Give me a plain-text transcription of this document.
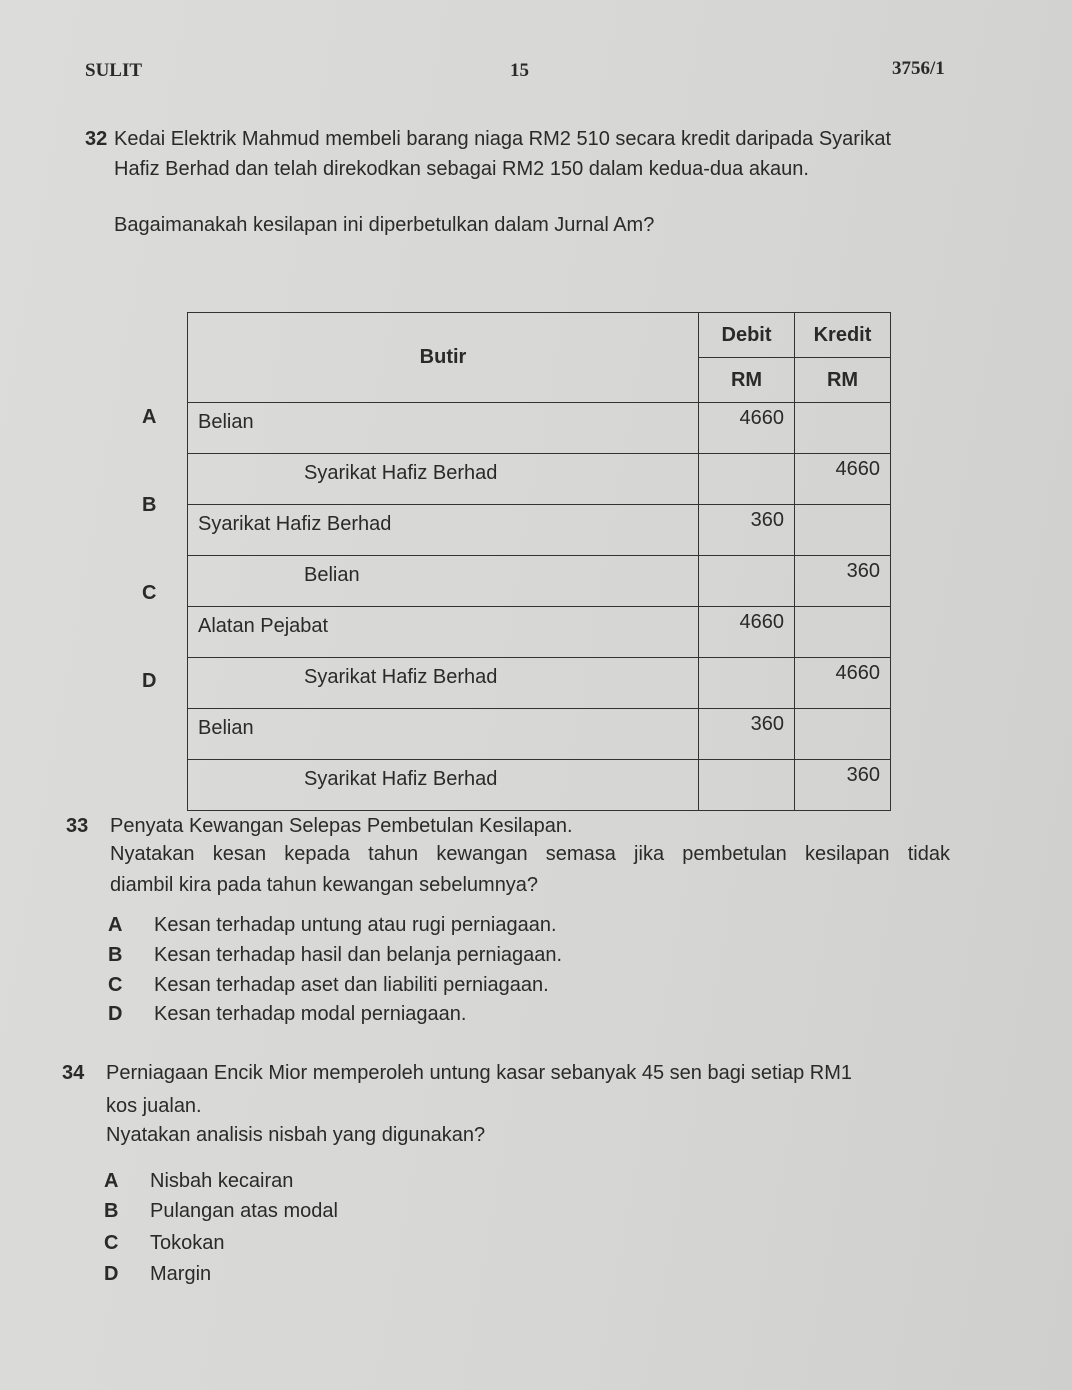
SULIT	15	3756/1
32 Kedai Elektrik Mahmud membeli barang niaga RM2 510 secara kredit daripada Syarikat
Hafiz Berhad dan telah direkodkan sebagai RM2 150 dalam kedua-dua akaun.
Bagaimanakah kesilapan ini diperbetulkan dalam Jurnal Am?
A
B
C
D
Butir	Debit	Kredit
	RM	RM
Belian	4660	
Syarikat Hafiz Berhad		4660
Syarikat Hafiz Berhad	360	
Belian		360
Alatan Pejabat	4660	
Syarikat Hafiz Berhad		4660
Belian	360	
Syarikat Hafiz Berhad		360
33 Penyata Kewangan Selepas Pembetulan Kesilapan.
Nyatakan kesan kepada tahun kewangan semasa jika pembetulan kesilapan tidak
diambil kira pada tahun kewangan sebelumnya?
A Kesan terhadap untung atau rugi perniagaan.
B Kesan terhadap hasil dan belanja perniagaan.
C Kesan terhadap aset dan liabiliti perniagaan.
D Kesan terhadap modal perniagaan.
34 Perniagaan Encik Mior memperoleh untung kasar sebanyak 45 sen bagi setiap RM1
kos jualan.
Nyatakan analisis nisbah yang digunakan?
A Nisbah kecairan
B Pulangan atas modal
C Tokokan
D Margin
